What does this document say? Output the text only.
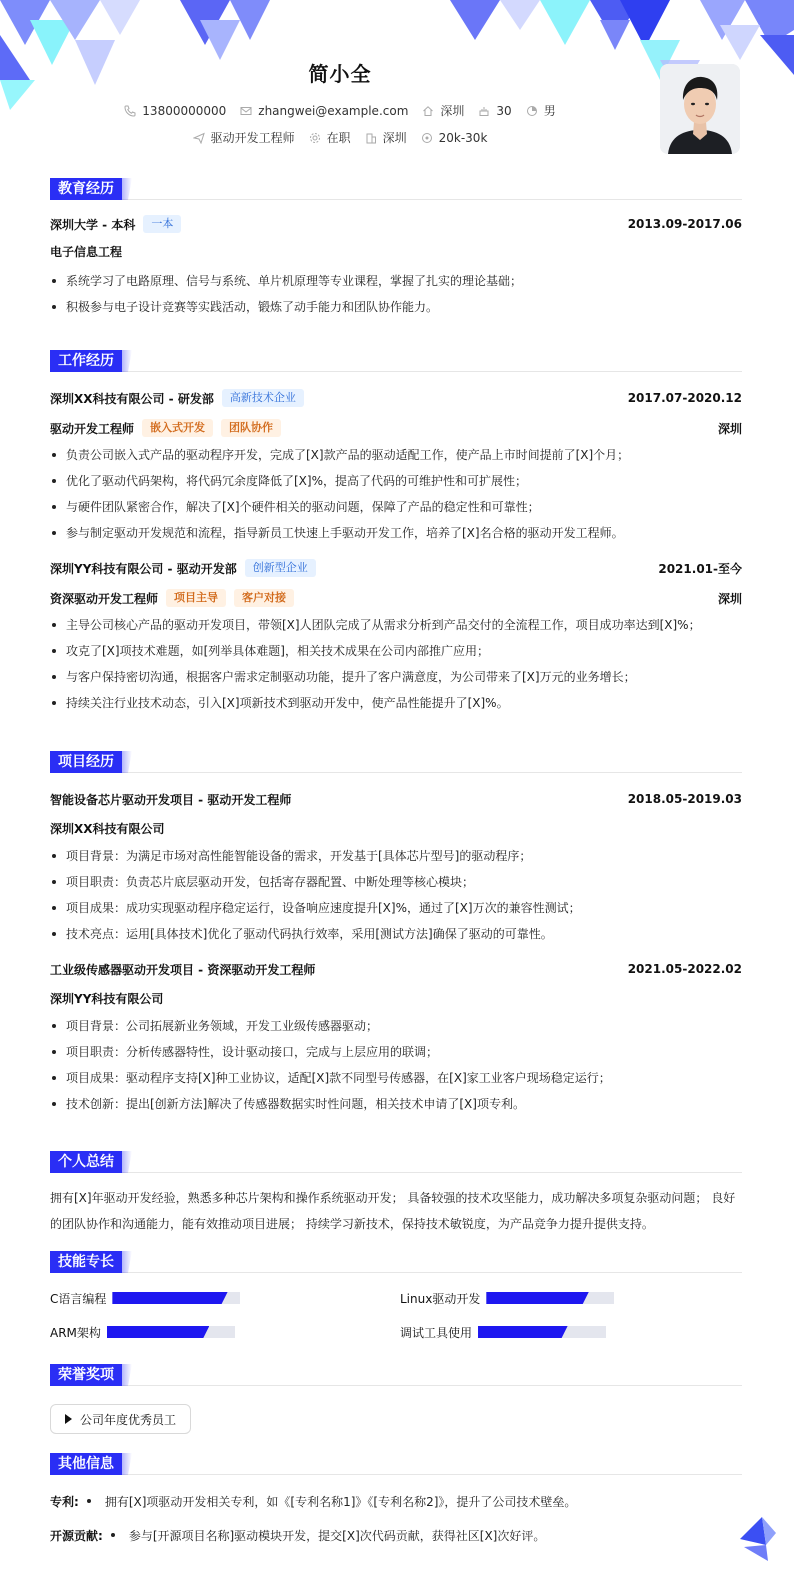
简小全
13800000000	zhangwei@example.com	深圳	30	男
驱动开发工程师	在职	深圳	20k-30k
教育经历
深圳大学 - 本科	一本	2013.09-2017.06
电子信息工程
系统学习了电路原理、信号与系统、单片机原理等专业课程，掌握了扎实的理论基础；
积极参与电子设计竞赛等实践活动，锻炼了动手能力和团队协作能力。
工作经历
深圳XX科技有限公司 - 研发部	高新技术企业	2017.07-2020.12
驱动开发工程师	嵌入式开发	团队协作	深圳
负责公司嵌入式产品的驱动程序开发，完成了[X]款产品的驱动适配工作，使产品上市时间提前了[X]个月；
优化了驱动代码架构，将代码冗余度降低了[X]%，提高了代码的可维护性和可扩展性；
与硬件团队紧密合作，解决了[X]个硬件相关的驱动问题，保障了产品的稳定性和可靠性；
参与制定驱动开发规范和流程，指导新员工快速上手驱动开发工作，培养了[X]名合格的驱动开发工程师。
深圳YY科技有限公司 - 驱动开发部	创新型企业	2021.01-至今
资深驱动开发工程师	项目主导	客户对接	深圳
主导公司核心产品的驱动开发项目，带领[X]人团队完成了从需求分析到产品交付的全流程工作，项目成功率达到[X]%；
攻克了[X]项技术难题，如[列举具体难题]，相关技术成果在公司内部推广应用；
与客户保持密切沟通，根据客户需求定制驱动功能，提升了客户满意度，为公司带来了[X]万元的业务增长；
持续关注行业技术动态，引入[X]项新技术到驱动开发中，使产品性能提升了[X]%。
项目经历
智能设备芯片驱动开发项目 - 驱动开发工程师	2018.05-2019.03
深圳XX科技有限公司
项目背景：为满足市场对高性能智能设备的需求，开发基于[具体芯片型号]的驱动程序；
项目职责：负责芯片底层驱动开发，包括寄存器配置、中断处理等核心模块；
项目成果：成功实现驱动程序稳定运行，设备响应速度提升[X]%，通过了[X]万次的兼容性测试；
技术亮点：运用[具体技术]优化了驱动代码执行效率，采用[测试方法]确保了驱动的可靠性。
工业级传感器驱动开发项目 - 资深驱动开发工程师	2021.05-2022.02
深圳YY科技有限公司
项目背景：公司拓展新业务领域，开发工业级传感器驱动；
项目职责：分析传感器特性，设计驱动接口，完成与上层应用的联调；
项目成果：驱动程序支持[X]种工业协议，适配[X]款不同型号传感器，在[X]家工业客户现场稳定运行；
技术创新：提出[创新方法]解决了传感器数据实时性问题，相关技术申请了[X]项专利。
个人总结

拥有[X]年驱动开发经验，熟悉多种芯片架构和操作系统驱动开发； 具备较强的技术攻坚能力，成功解决多项复杂驱动问题； 良好的团队协作和沟通能力，能有效推动项目进展； 持续学习新技术，保持技术敏锐度，为产品竞争力提升提供支持。

技能专长
C语言编程	Linux驱动开发
ARM架构	调试工具使用
荣誉奖项
公司年度优秀员工
其他信息
专利: 拥有[X]项驱动开发相关专利，如《[专利名称1]》《[专利名称2]》，提升了公司技术壁垒。
开源贡献: 参与[开源项目名称]驱动模块开发，提交[X]次代码贡献，获得社区[X]次好评。
